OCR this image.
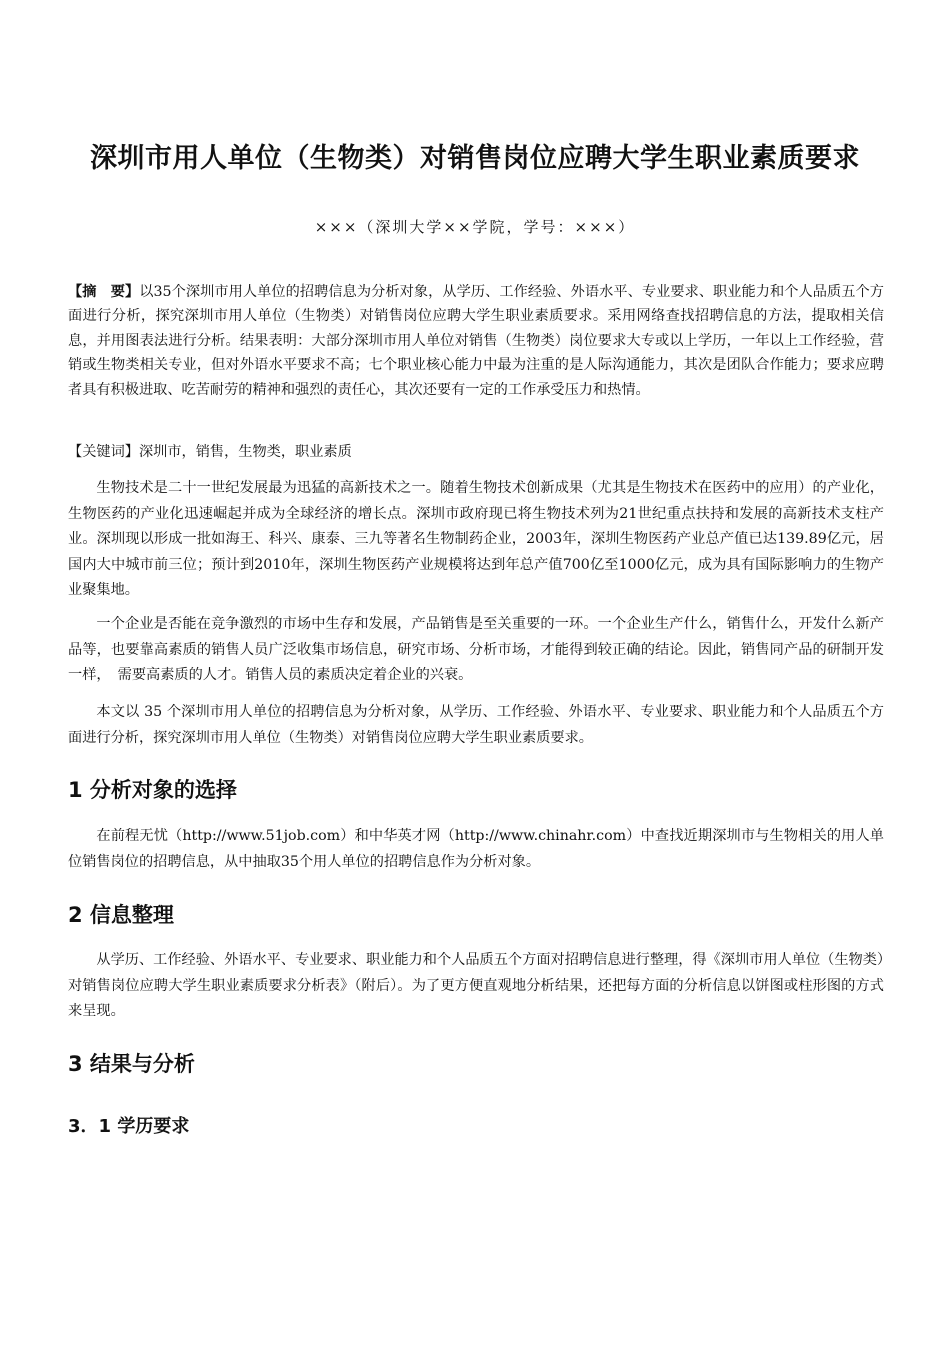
深圳市用人单位（生物类）对销售岗位应聘大学生职业素质要求
×××（深圳大学××学院，学号：×××）
【摘　要】以35个深圳市用人单位的招聘信息为分析对象，从学历、工作经验、外语水平、专业要求、职业能力和个人品质五个方面进行分析，探究深圳市用人单位（生物类）对销售岗位应聘大学生职业素质要求。采用网络查找招聘信息的方法，提取相关信息，并用图表法进行分析。结果表明：大部分深圳市用人单位对销售（生物类）岗位要求大专或以上学历，一年以上工作经验，营销或生物类相关专业，但对外语水平要求不高；七个职业核心能力中最为注重的是人际沟通能力，其次是团队合作能力；要求应聘者具有积极进取、吃苦耐劳的精神和强烈的责任心，其次还要有一定的工作承受压力和热情。
【关键词】深圳市，销售，生物类，职业素质
生物技术是二十一世纪发展最为迅猛的高新技术之一。随着生物技术创新成果（尤其是生物技术在医药中的应用）的产业化，生物医药的产业化迅速崛起并成为全球经济的增长点。深圳市政府现已将生物技术列为21世纪重点扶持和发展的高新技术支柱产业。深圳现以形成一批如海王、科兴、康泰、三九等著名生物制药企业，2003年，深圳生物医药产业总产值已达139.89亿元，居国内大中城市前三位；预计到2010年，深圳生物医药产业规模将达到年总产值700亿至1000亿元，成为具有国际影响力的生物产业聚集地。
一个企业是否能在竞争激烈的市场中生存和发展，产品销售是至关重要的一环。一个企业生产什么，销售什么，开发什么新产品等，也要靠高素质的销售人员广泛收集市场信息，研究市场、分析市场，才能得到较正确的结论。因此，销售同产品的研制开发一样，　需要高素质的人才。销售人员的素质决定着企业的兴衰。
本文以 35 个深圳市用人单位的招聘信息为分析对象，从学历、工作经验、外语水平、专业要求、职业能力和个人品质五个方面进行分析，探究深圳市用人单位（生物类）对销售岗位应聘大学生职业素质要求。
1 分析对象的选择
在前程无忧（http://www.51job.com）和中华英才网（http://www.chinahr.com）中查找近期深圳市与生物相关的用人单位销售岗位的招聘信息，从中抽取35个用人单位的招聘信息作为分析对象。
2 信息整理
从学历、工作经验、外语水平、专业要求、职业能力和个人品质五个方面对招聘信息进行整理，得《深圳市用人单位（生物类）对销售岗位应聘大学生职业素质要求分析表》（附后）。为了更方便直观地分析结果，还把每方面的分析信息以饼图或柱形图的方式来呈现。
3 结果与分析
3．1 学历要求
